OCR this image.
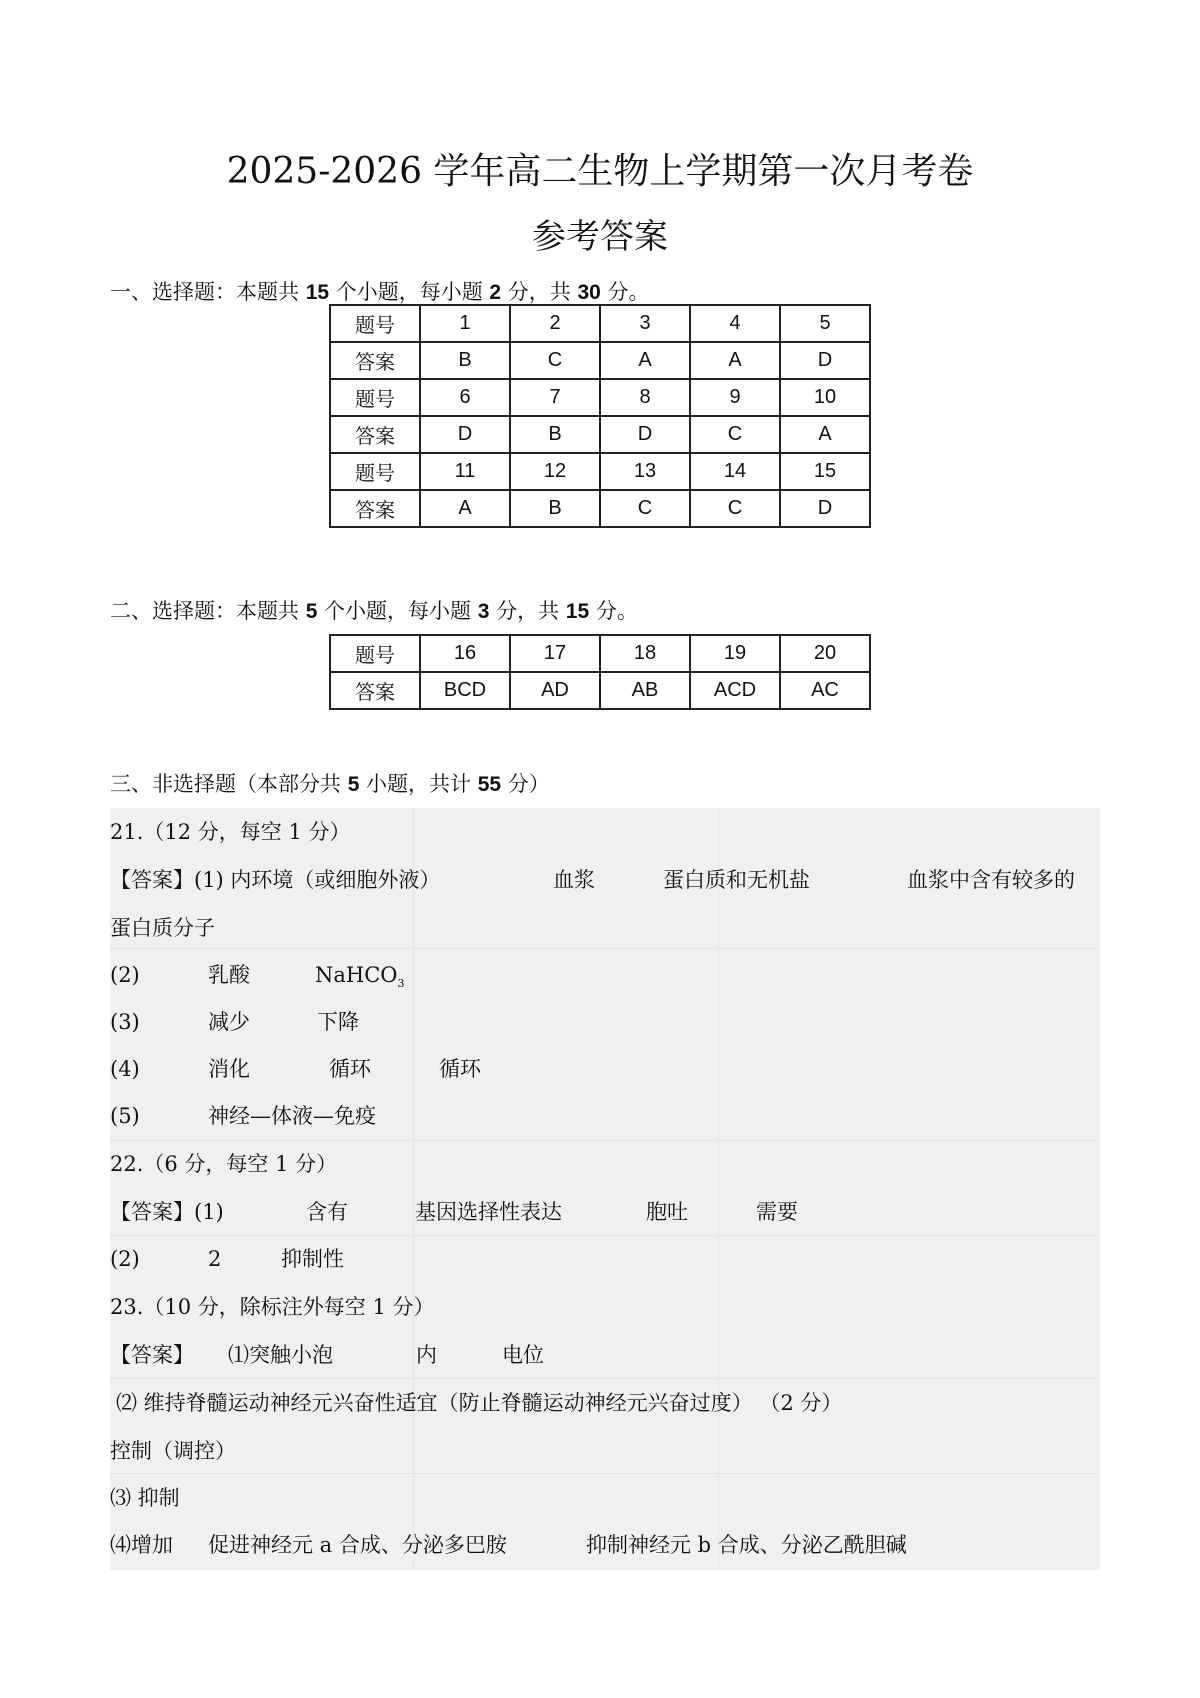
2025-2026 学年高二生物上学期第一次月考卷
参考答案
一、选择题：本题共 15 个小题，每小题 2 分，共 30 分。
题号	1	2	3	4	5
答案	B	C	A	A	D
题号	6	7	8	9	10
答案	D	B	D	C	A
题号	11	12	13	14	15
答案	A	B	C	C	D
二、选择题：本题共 5 个小题，每小题 3 分，共 15 分。
题号	16	17	18	19	20
答案	BCD	AD	AB	ACD	AC
三、非选择题（本部分共 5 小题，共计 55 分）
21.（12 分，每空 1 分）
【答案】(1) 内环境（或细胞外液）	血浆	蛋白质和无机盐	血浆中含有较多的
蛋白质分子
(2)	乳酸	NaHCO$_3$
(3)	减少	下降
(4)	消化	循环	循环
(5)	神经—体液—免疫
22.（6 分，每空 1 分）
【答案】(1)	含有	基因选择性表达	胞吐	需要
(2)	2	抑制性
23.（10 分，除标注外每空 1 分）
【答案】 ⑴突触小泡	内	电位
⑵ 维持脊髓运动神经元兴奋性适宜（防止脊髓运动神经元兴奋过度） （2 分）
控制（调控）
⑶ 抑制
⑷增加 促进神经元 a 合成、分泌多巴胺	抑制神经元 b 合成、分泌乙酰胆碱
